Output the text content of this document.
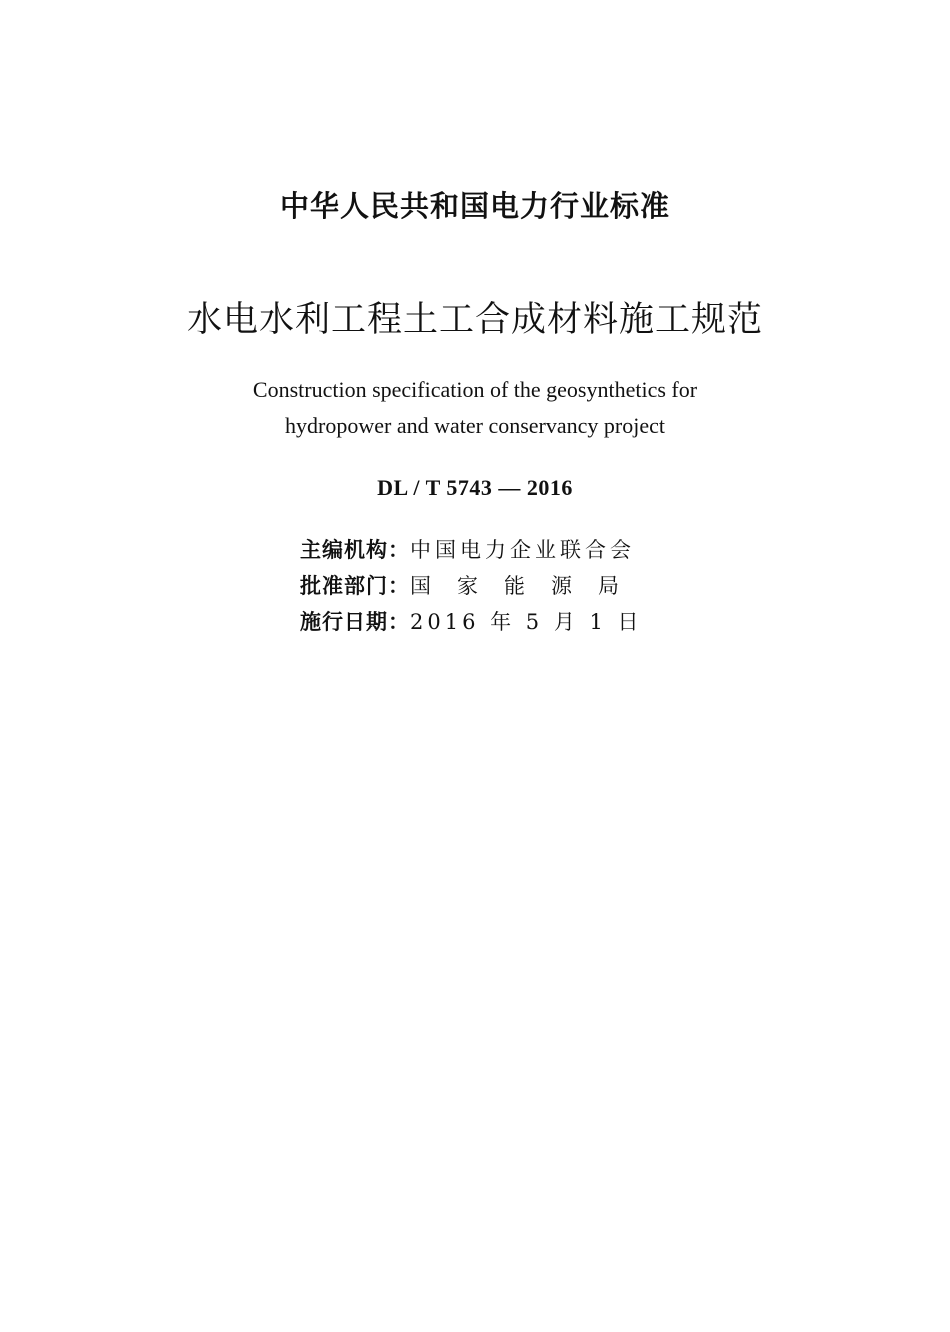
中华人民共和国电力行业标准
水电水利工程土工合成材料施工规范
Construction specification of the geosynthetics for
hydropower and water conservancy project
DL / T 5743 — 2016
主编机构： 中国电力企业联合会
批准部门： 国家能源局
施行日期： 2016 年 5 月 1 日
